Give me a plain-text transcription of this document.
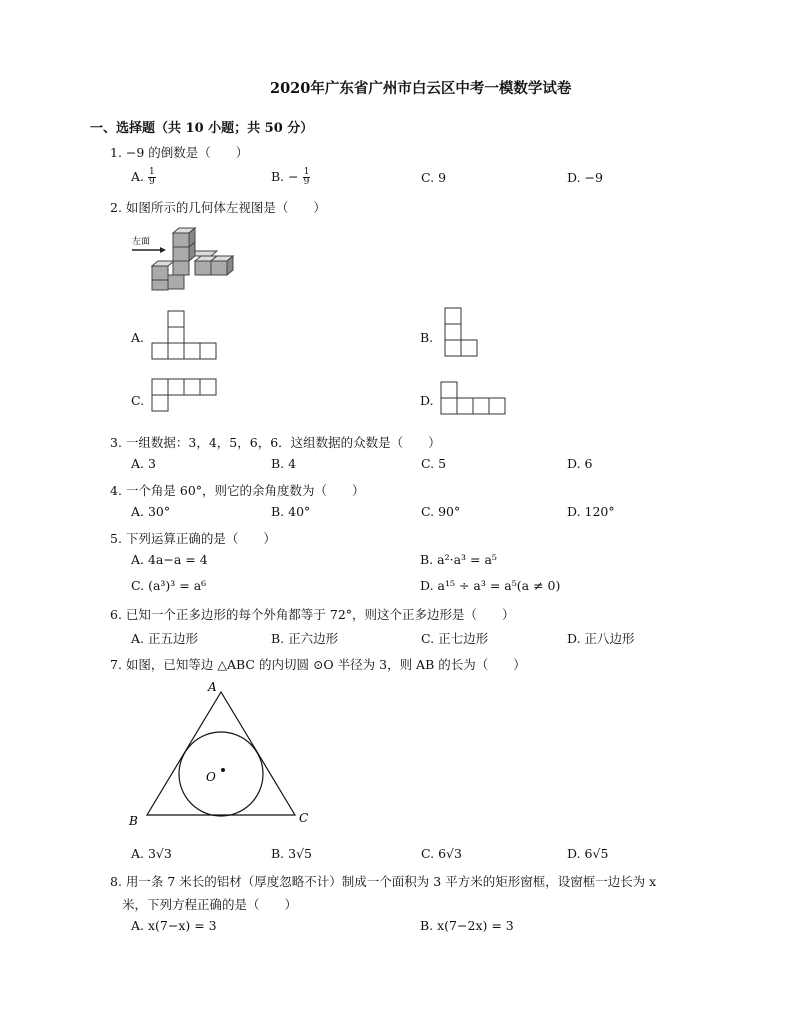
2020年广东省广州市白云区中考一模数学试卷
一、选择题（共 10 小题；共 50 分）
1. −9 的倒数是（　　）
A. $\frac{1}{9}$	B. − $\frac{1}{9}$	C. 9	D. −9
2. 如图所示的几何体左视图是（　　）
左面
A.	B.
C.	D.
3. 一组数据：3，4，5，6，6．这组数据的众数是（　　）
A. 3	B. 4	C. 5	D. 6
4. 一个角是 60°，则它的余角度数为（　　）
A. 30°	B. 40°	C. 90°	D. 120°
5. 下列运算正确的是（　　）
A. 4a−a = 4	B. a²·a³ = a⁵
C. (a³)³ = a⁶	D. a¹⁵ ÷ a³ = a⁵(a ≠ 0)
6. 已知一个正多边形的每个外角都等于 72°，则这个正多边形是（　　）
A. 正五边形	B. 正六边形	C. 正七边形	D. 正八边形
7. 如图，已知等边 △ABC 的内切圆 ⊙O 半径为 3，则 AB 的长为（　　）
A
B	C
O
A. 3√3	B. 3√5	C. 6√3	D. 6√5
8. 用一条 7 米长的铝材（厚度忽略不计）制成一个面积为 3 平方米的矩形窗框，设窗框一边长为 x
米，下列方程正确的是（　　）
A. x(7−x) = 3	B. x(7−2x) = 3
